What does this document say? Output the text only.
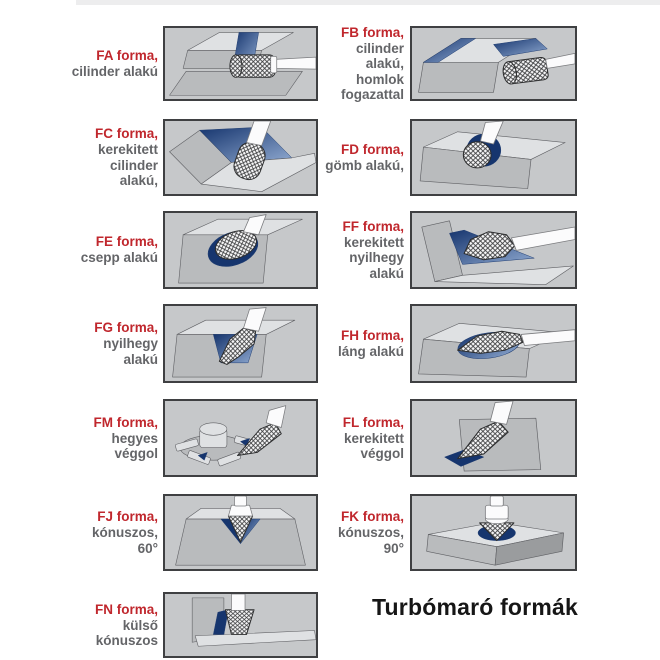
FA forma,
cilinder alakú
FB forma,
cilinder
alakú,
homlok
fogazattal
FC forma,
kerekitett
cilinder
alakú,
FD forma,
gömb alakú,
FE forma,
csepp alakú
FF forma,
kerekitett
nyilhegy
alakú
FG forma,
nyilhegy
alakú
FH forma,
láng alakú
FM forma,
hegyes
véggol
FL forma,
kerekitett
véggol
FJ forma,
kónuszos,
60°
FK forma,
kónuszos,
90°
FN forma,
külső
kónuszos
Turbómaró formák
